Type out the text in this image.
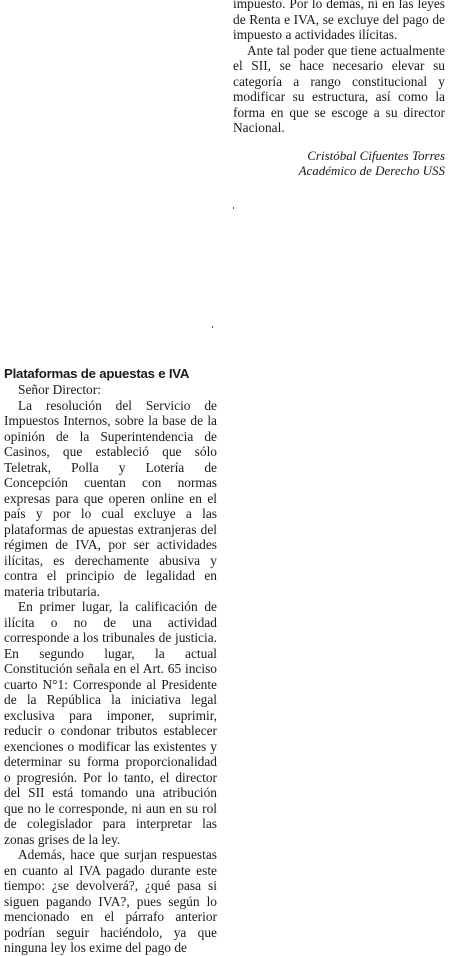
impuesto. Por lo demás, ni en las leyes de Renta e IVA, se excluye del pago de impuesto a actividades ilícitas.

Ante tal poder que tiene actualmente el SII, se hace necesario elevar su categoría a rango constitucional y modificar su estructura, así como la forma en que se escoge a su director Nacional.

Cristóbal Cifuentes Torres
Académico de Derecho USS
Plataformas de apuestas e IVA

Señor Director:

La resolución del Servicio de Impuestos Internos, sobre la base de la opinión de la Superintendencia de Casinos, que estableció que sólo Teletrak, Polla y Lotería de Concepción cuentan con normas expresas para que operen online en el país y por lo cual excluye a las plataformas de apuestas extranjeras del régimen de IVA, por ser actividades ilícitas, es derechamente abusiva y contra el principio de legalidad en materia tributaria.

En primer lugar, la calificación de ilícita o no de una actividad corresponde a los tribunales de justicia. En segundo lugar, la actual Constitución señala en el Art. 65 inciso cuarto N°1: Corresponde al Presidente de la República la iniciativa legal exclusiva para imponer, suprimir, reducir o condonar tributos establecer exenciones o modificar las existentes y determinar su forma proporcionalidad o progresión. Por lo tanto, el director del SII está tomando una atribución que no le corresponde, ni aun en su rol de colegislador para interpretar las zonas grises de la ley.

Además, hace que surjan respuestas en cuanto al IVA pagado durante este tiempo: ¿se devolverá?, ¿qué pasa si siguen pagando IVA?, pues según lo mencionado en el párrafo anterior podrían seguir haciéndolo, ya que ninguna ley los exime del pago de
